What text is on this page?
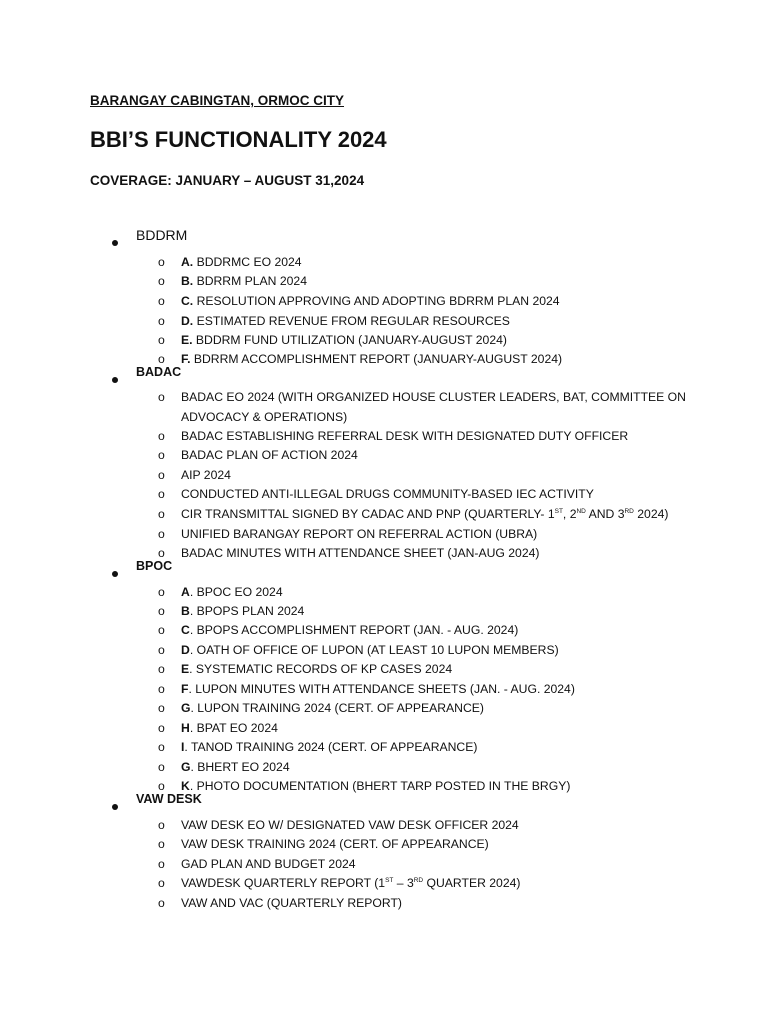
BARANGAY CABINGTAN, ORMOC CITY
BBI’S FUNCTIONALITY 2024
COVERAGE: JANUARY – AUGUST 31,2024
BDDRM
o A. BDDRMC EO 2024
o B. BDRRM PLAN 2024
o C. RESOLUTION APPROVING AND ADOPTING BDRRM PLAN 2024
o D. ESTIMATED REVENUE FROM REGULAR RESOURCES
o E. BDDRM FUND UTILIZATION (JANUARY-AUGUST 2024)
o F. BDRRM ACCOMPLISHMENT REPORT (JANUARY-AUGUST 2024)
BADAC
o BADAC EO 2024 (WITH ORGANIZED HOUSE CLUSTER LEADERS, BAT, COMMITTEE ON
ADVOCACY & OPERATIONS)
o BADAC ESTABLISHING REFERRAL DESK WITH DESIGNATED DUTY OFFICER
o BADAC PLAN OF ACTION 2024
o AIP 2024
o CONDUCTED ANTI-ILLEGAL DRUGS COMMUNITY-BASED IEC ACTIVITY
o CIR TRANSMITTAL SIGNED BY CADAC AND PNP (QUARTERLY- 1ST, 2ND AND 3RD 2024)
o UNIFIED BARANGAY REPORT ON REFERRAL ACTION (UBRA)
o BADAC MINUTES WITH ATTENDANCE SHEET (JAN-AUG 2024)
BPOC
o A. BPOC EO 2024
o B. BPOPS PLAN 2024
o C. BPOPS ACCOMPLISHMENT REPORT (JAN. - AUG. 2024)
o D. OATH OF OFFICE OF LUPON (AT LEAST 10 LUPON MEMBERS)
o E. SYSTEMATIC RECORDS OF KP CASES 2024
o F. LUPON MINUTES WITH ATTENDANCE SHEETS (JAN. - AUG. 2024)
o G. LUPON TRAINING 2024 (CERT. OF APPEARANCE)
o H. BPAT EO 2024
o I. TANOD TRAINING 2024 (CERT. OF APPEARANCE)
o G. BHERT EO 2024
o K. PHOTO DOCUMENTATION (BHERT TARP POSTED IN THE BRGY)
VAW DESK
o VAW DESK EO W/ DESIGNATED VAW DESK OFFICER 2024
o VAW DESK TRAINING 2024 (CERT. OF APPEARANCE)
o GAD PLAN AND BUDGET 2024
o VAWDESK QUARTERLY REPORT (1ST – 3RD QUARTER 2024)
o VAW AND VAC (QUARTERLY REPORT)
